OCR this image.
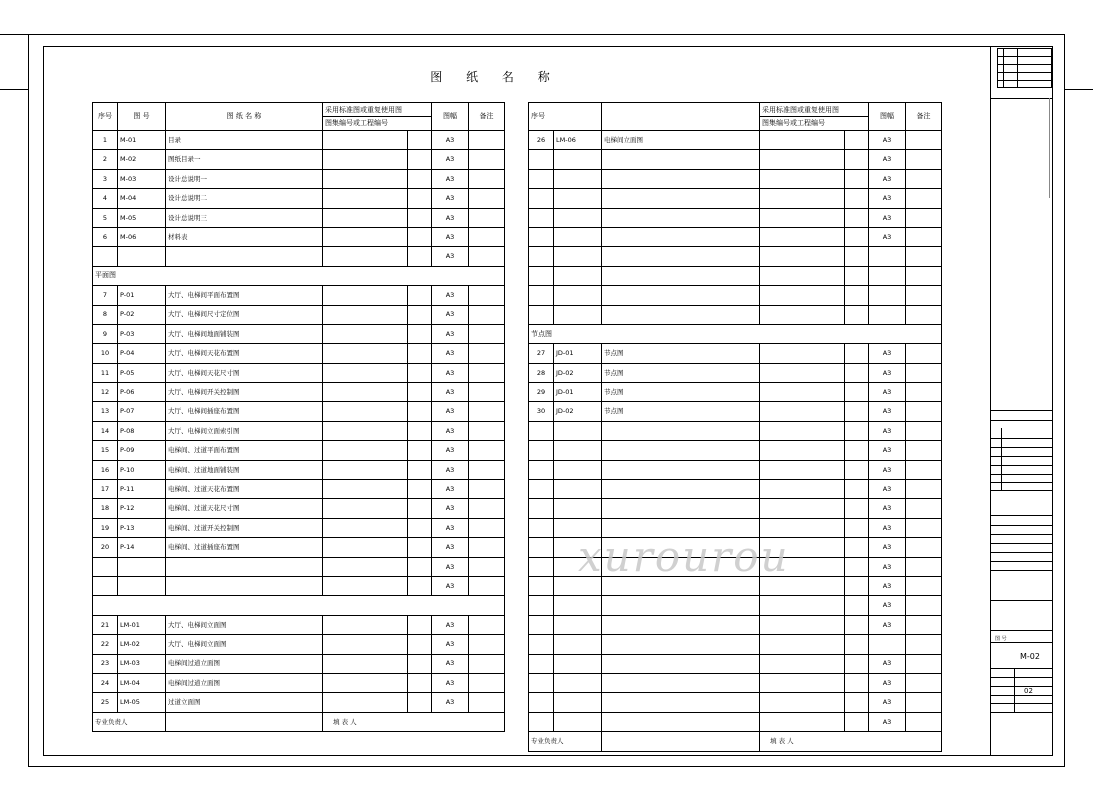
图 纸 名 称
序号	图 号	图 纸 名 称	采用标准图或重复使用图
图集编号或工程编号		图幅	备注
1	M-01	目录			A3	
2	M-02	图纸目录一			A3	
3	M-03	设计总说明一			A3	
4	M-04	设计总说明二			A3	
5	M-05	设计总说明三			A3	
6	M-06	材料表			A3	
					A3	
平面图						
7	P-01	大厅、电梯间平面布置图			A3	
8	P-02	大厅、电梯间尺寸定位图			A3	
9	P-03	大厅、电梯间地面铺装图			A3	
10	P-04	大厅、电梯间天花布置图			A3	
11	P-05	大厅、电梯间天花尺寸图			A3	
12	P-06	大厅、电梯间开关控制图			A3	
13	P-07	大厅、电梯间插座布置图			A3	
14	P-08	大厅、电梯间立面索引图			A3	
15	P-09	电梯间、过道平面布置图			A3	
16	P-10	电梯间、过道地面铺装图			A3	
17	P-11	电梯间、过道天花布置图			A3	
18	P-12	电梯间、过道天花尺寸图			A3	
19	P-13	电梯间、过道开关控制图			A3	
20	P-14	电梯间、过道插座布置图			A3	
					A3	
					A3	

21	LM-01	大厅、电梯间立面图			A3	
22	LM-02	大厅、电梯间立面图			A3	
23	LM-03	电梯间过道立面图			A3	
24	LM-04	电梯间过道立面图			A3	
25	LM-05	过道立面图			A3	
专业负责人			填 表 人			
序号			采用标准图或重复使用图
图集编号或工程编号		图幅	备注
26	LM-06	电梯间立面图			A3	
					A3	
					A3	
					A3	
					A3	
					A3	

节点图						
27	JD-01	节点图			A3	
28	JD-02	节点图			A3	
29	JD-01	节点图			A3	
30	JD-02	节点图			A3	
					A3	
					A3	
					A3	
					A3	
					A3	
					A3	
					A3	
					A3	
					A3	
					A3	
					A3	

					A3	
					A3	
					A3	
					A3	
专业负责人			填 表 人			
xurourou
图 号
M-02
02
